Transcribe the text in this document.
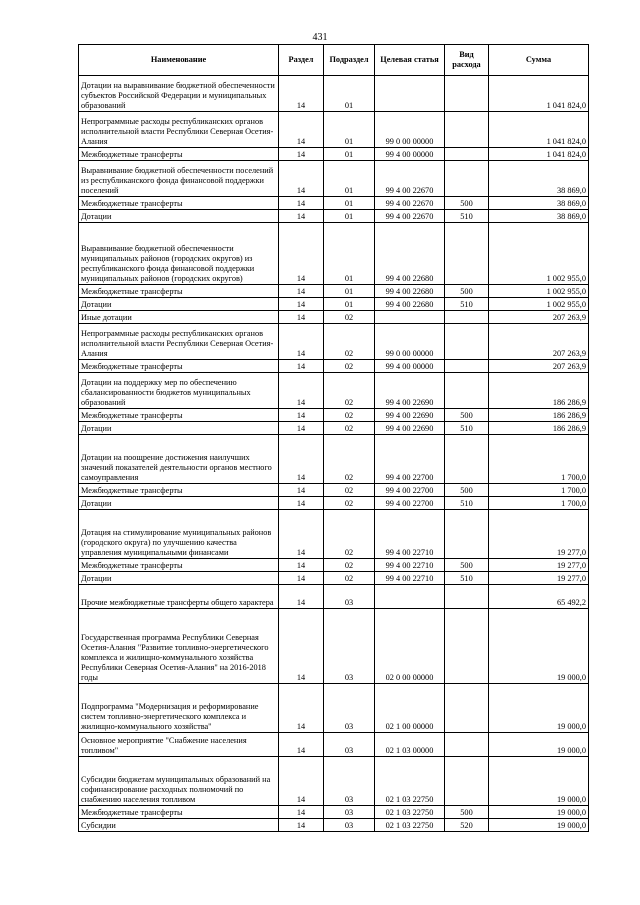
431
Наименование	Раздел	Подраздел	Целевая статья	Вид расхода	Сумма
Дотации на выравнивание бюджетной обеспеченности субъектов Российской Федерации и муниципальных образований	14	01			1 041 824,0
Непрограммные расходы республиканских органов исполнительной власти Республики Северная Осетия-Алания	14	01	99 0 00 00000		1 041 824,0
Межбюджетные трансферты	14	01	99 4 00 00000		1 041 824,0
Выравнивание бюджетной обеспеченности поселений из республиканского фонда финансовой поддержки поселений	14	01	99 4 00 22670		38 869,0
Межбюджетные трансферты	14	01	99 4 00 22670	500	38 869,0
Дотации	14	01	99 4 00 22670	510	38 869,0
Выравнивание бюджетной обеспеченности муниципальных районов (городских округов) из республиканского фонда финансовой поддержки муниципальных районов (городских округов)	14	01	99 4 00 22680		1 002 955,0
Межбюджетные трансферты	14	01	99 4 00 22680	500	1 002 955,0
Дотации	14	01	99 4 00 22680	510	1 002 955,0
Иные дотации	14	02			207 263,9
Непрограммные расходы республиканских органов исполнительной власти Республики Северная Осетия-Алания	14	02	99 0 00 00000		207 263,9
Межбюджетные трансферты	14	02	99 4 00 00000		207 263,9
Дотации на поддержку мер по обеспечению сбалансированности бюджетов муниципальных образований	14	02	99 4 00 22690		186 286,9
Межбюджетные трансферты	14	02	99 4 00 22690	500	186 286,9
Дотации	14	02	99 4 00 22690	510	186 286,9
Дотации на поощрение достижения наилучших значений показателей деятельности органов местного самоуправления	14	02	99 4 00 22700		1 700,0
Межбюджетные трансферты	14	02	99 4 00 22700	500	1 700,0
Дотации	14	02	99 4 00 22700	510	1 700,0
Дотация на стимулирование муниципальных районов (городского округа) по улучшению качества управления муниципальными финансами	14	02	99 4 00 22710		19 277,0
Межбюджетные трансферты	14	02	99 4 00 22710	500	19 277,0
Дотации	14	02	99 4 00 22710	510	19 277,0
Прочие межбюджетные трансферты общего характера	14	03			65 492,2
Государственная программа Республики Северная Осетия-Алания "Развитие топливно-энергетического комплекса и жилищно-коммунального хозяйства Республики Северная Осетия-Алания" на 2016-2018 годы	14	03	02 0 00 00000		19 000,0
Подпрограмма "Модернизация и реформирование систем топливно-энергетического комплекса и жилищно-коммунального хозяйства"	14	03	02 1 00 00000		19 000,0
Основное мероприятие "Снабжение населения топливом"	14	03	02 1 03 00000		19 000,0
Субсидии бюджетам муниципальных образований на софинансирование расходных полномочий по снабжению населения топливом	14	03	02 1 03 22750		19 000,0
Межбюджетные трансферты	14	03	02 1 03 22750	500	19 000,0
Субсидии	14	03	02 1 03 22750	520	19 000,0
